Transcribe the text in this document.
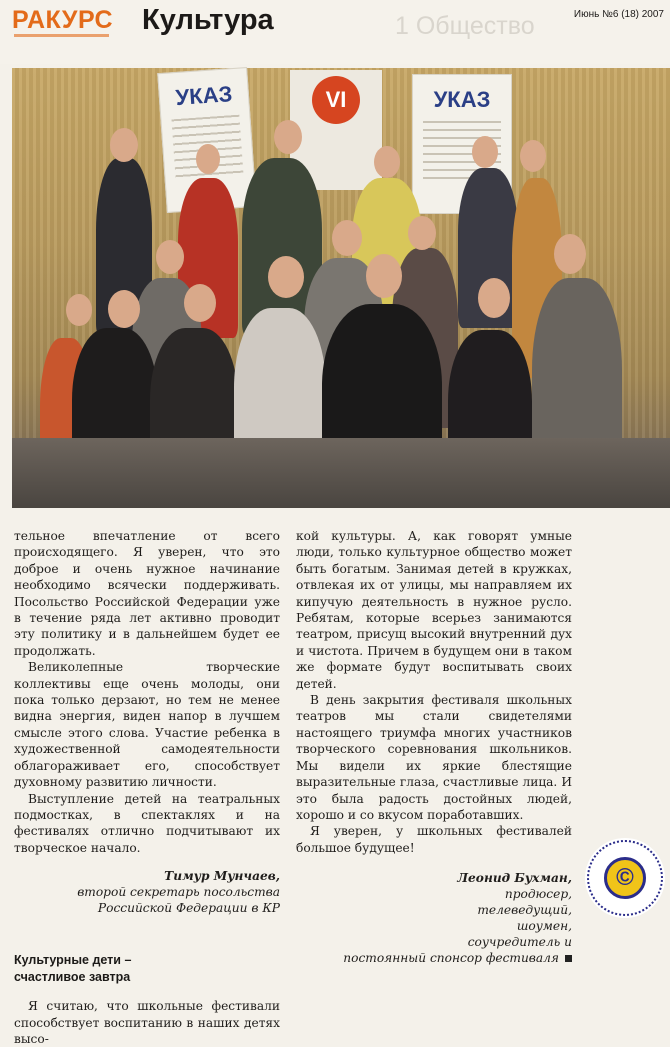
РАКУРС Культура	1 Общество	Июнь №6 (18) 2007
УКАЗ	VI	УКАЗ

тельное впечатление от всего происходящего. Я уверен, что это доброе и очень нужное начинание необходимо всячески поддерживать. Посольство Российской Федерации уже в течение ряда лет активно проводит эту политику и в дальнейшем будет ее продолжать.

Великолепные творческие коллективы еще очень молоды, они пока только дерзают, но тем не менее видна энергия, виден напор в лучшем смысле этого слова. Участие ребенка в художественной самодеятельности облагораживает его, способствует духовному развитию личности.

Выступление детей на театральных подмостках, в спектаклях и на фестивалях отлично подчитывают их творческое начало.

Тимур Мунчаев,
второй секретарь посольства
Российской Федерации в КР
Культурные дети –
счастливое завтра

Я считаю, что школьные фестивали способствует воспитанию в наших детях высо-

кой культуры. А, как говорят умные люди, только культурное общество может быть богатым. Занимая детей в кружках, отвлекая их от улицы, мы направляем их кипучую деятельность в нужное русло. Ребятам, которые всерьез занимаются театром, присущ высокий внутренний дух и чистота. Причем в будущем они в таком же формате будут воспитывать своих детей.

В день закрытия фестиваля школьных театров мы стали свидетелями настоящего триумфа многих участников творческого соревнования школьников. Мы видели их яркие блестящие выразительные глаза, счастливые лица. И это была радость достойных людей, хорошо и со вкусом поработавших.

Я уверен, у школьных фестивалей большое будущее!

Леонид Бухман,
продюсер,
телеведущий,
шоумен,
соучредитель и
постоянный спонсор фестиваля
©
